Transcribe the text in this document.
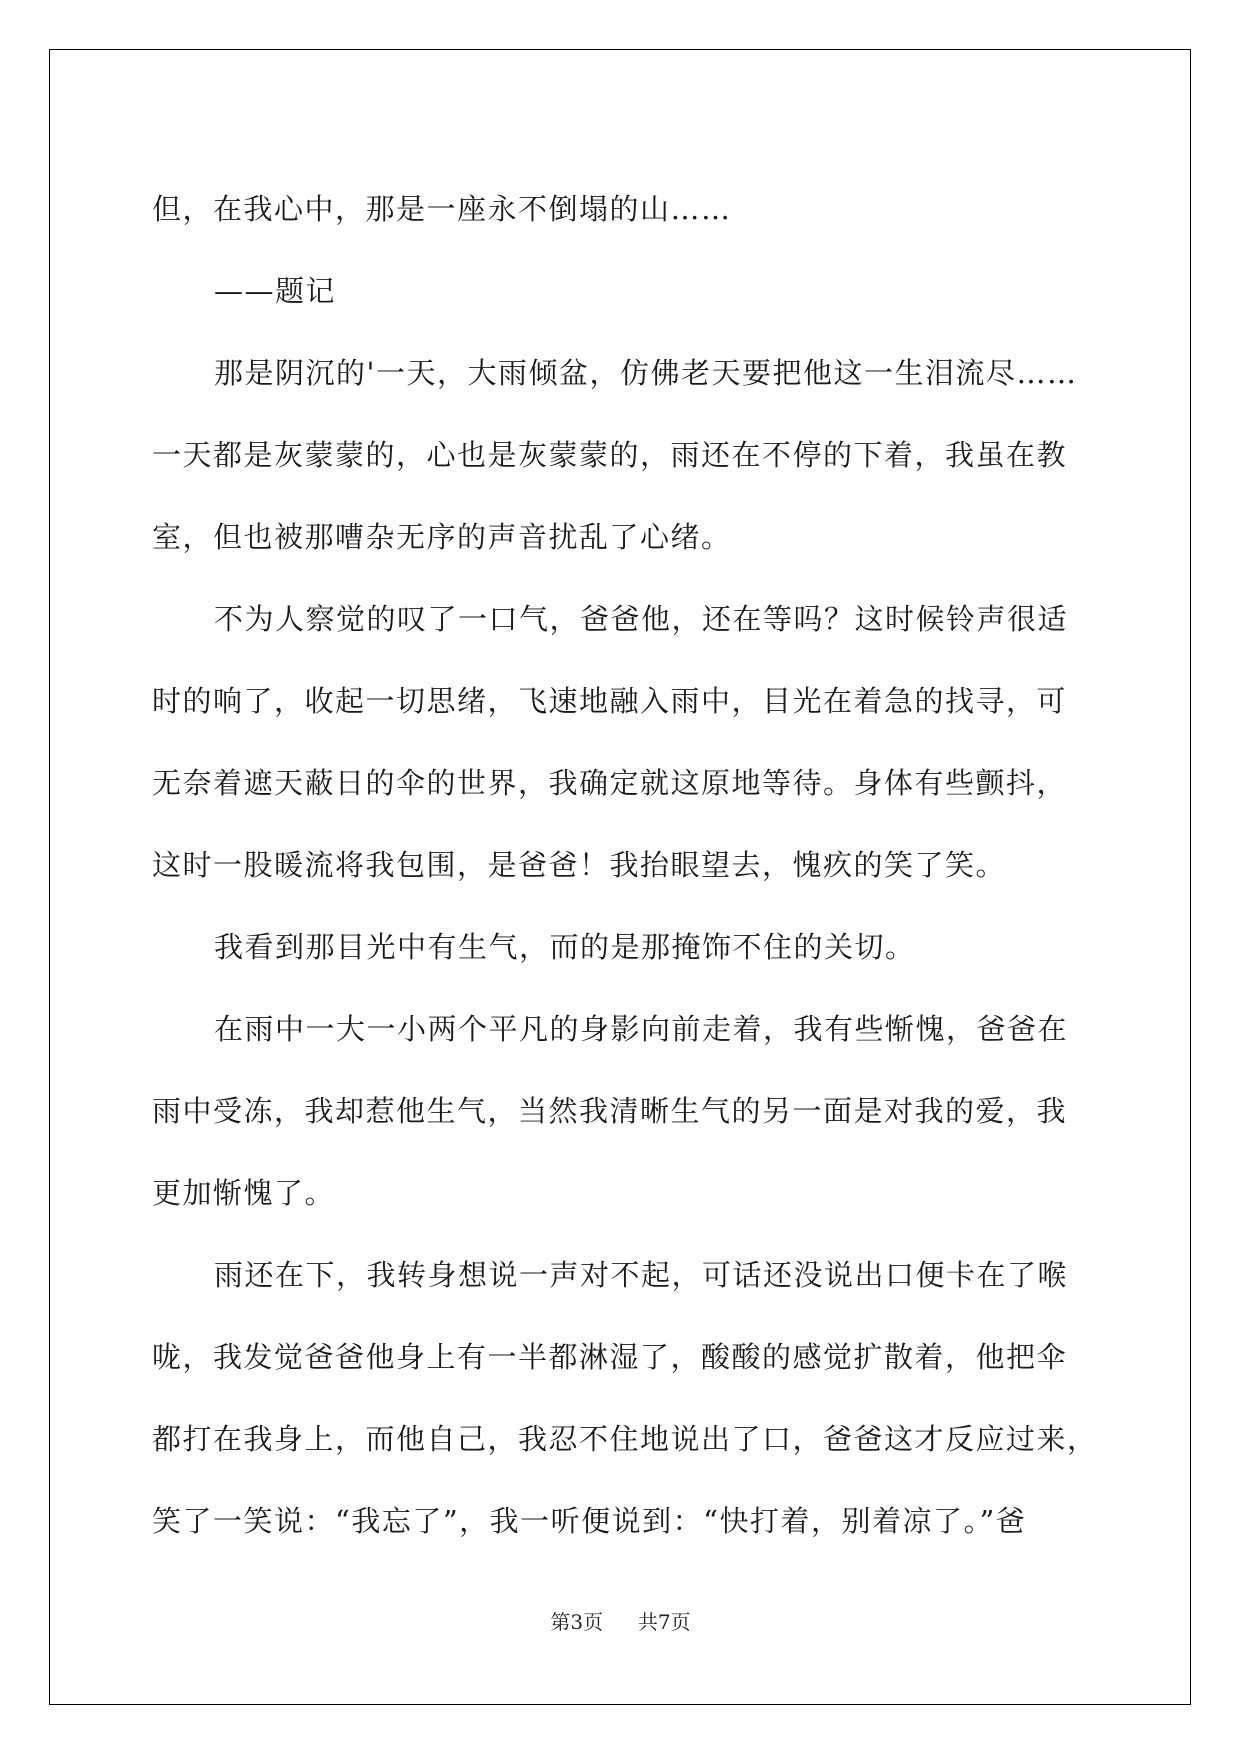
但，在我心中，那是一座永不倒塌的山……
——题记
那是阴沉的'一天，大雨倾盆，仿佛老天要把他这一生泪流尽……
一天都是灰蒙蒙的，心也是灰蒙蒙的，雨还在不停的下着，我虽在教
室，但也被那嘈杂无序的声音扰乱了心绪。
不为人察觉的叹了一口气，爸爸他，还在等吗？这时候铃声很适
时的响了，收起一切思绪，飞速地融入雨中，目光在着急的找寻，可
无奈着遮天蔽日的伞的世界，我确定就这原地等待。身体有些颤抖，
这时一股暖流将我包围，是爸爸！我抬眼望去，愧疚的笑了笑。
我看到那目光中有生气，而的是那掩饰不住的关切。
在雨中一大一小两个平凡的身影向前走着，我有些惭愧，爸爸在
雨中受冻，我却惹他生气，当然我清晰生气的另一面是对我的爱，我
更加惭愧了。
雨还在下，我转身想说一声对不起，可话还没说出口便卡在了喉
咙，我发觉爸爸他身上有一半都淋湿了，酸酸的感觉扩散着，他把伞
都打在我身上，而他自己，我忍不住地说出了口，爸爸这才反应过来，
笑了一笑说：“我忘了”，我一听便说到：“快打着，别着凉了。”爸
第3页 共7页
